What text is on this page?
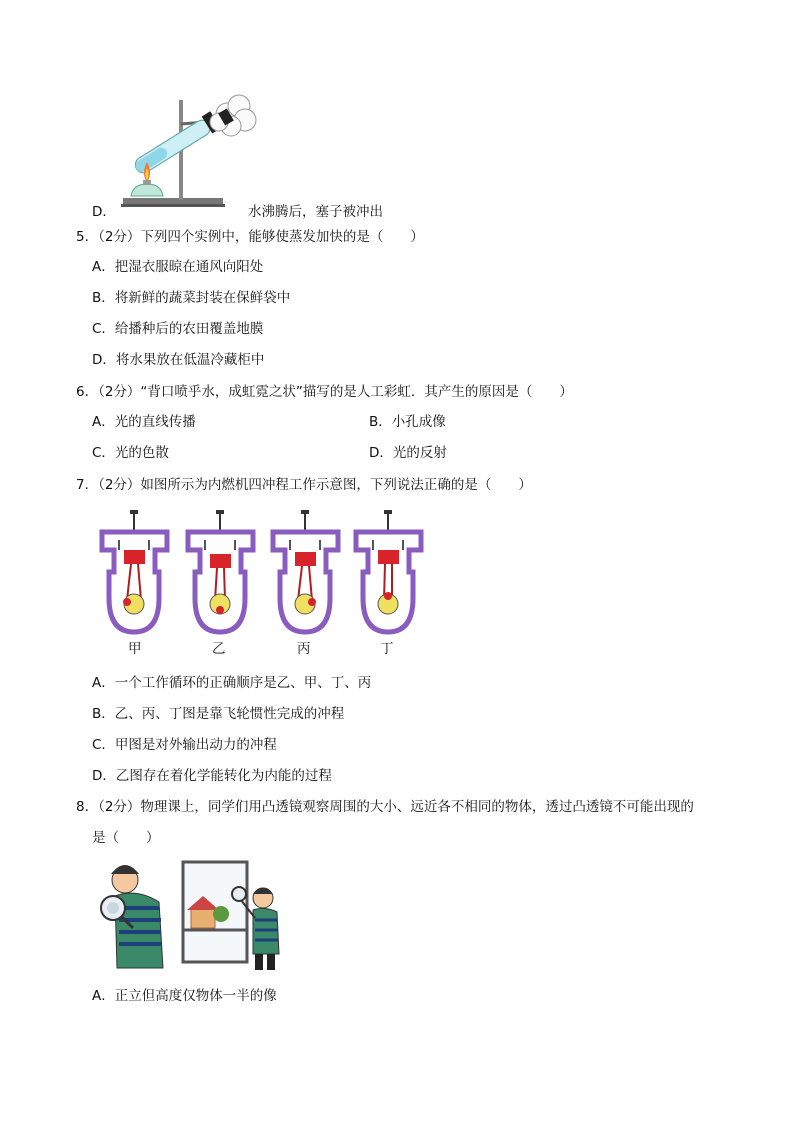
D．	水沸腾后，塞子被冲出
5．（2分）下列四个实例中，能够使蒸发加快的是（　　）
A．把湿衣服晾在通风向阳处
B．将新鲜的蔬菜封装在保鲜袋中
C．给播种后的农田覆盖地膜
D．将水果放在低温冷藏柜中
6．（2分）“背口喷乎水，成虹霓之状”描写的是人工彩虹．其产生的原因是（　　）
A．光的直线传播	B．小孔成像
C．光的色散	D．光的反射
7．（2分）如图所示为内燃机四冲程工作示意图，下列说法正确的是（　　）
甲	乙	丙	丁
A．一个工作循环的正确顺序是乙、甲、丁、丙
B．乙、丙、丁图是靠飞轮惯性完成的冲程
C．甲图是对外输出动力的冲程
D．乙图存在着化学能转化为内能的过程
8．（2分）物理课上，同学们用凸透镜观察周围的大小、远近各不相同的物体，透过凸透镜不可能出现的
是（　　）
A．正立但高度仅物体一半的像
